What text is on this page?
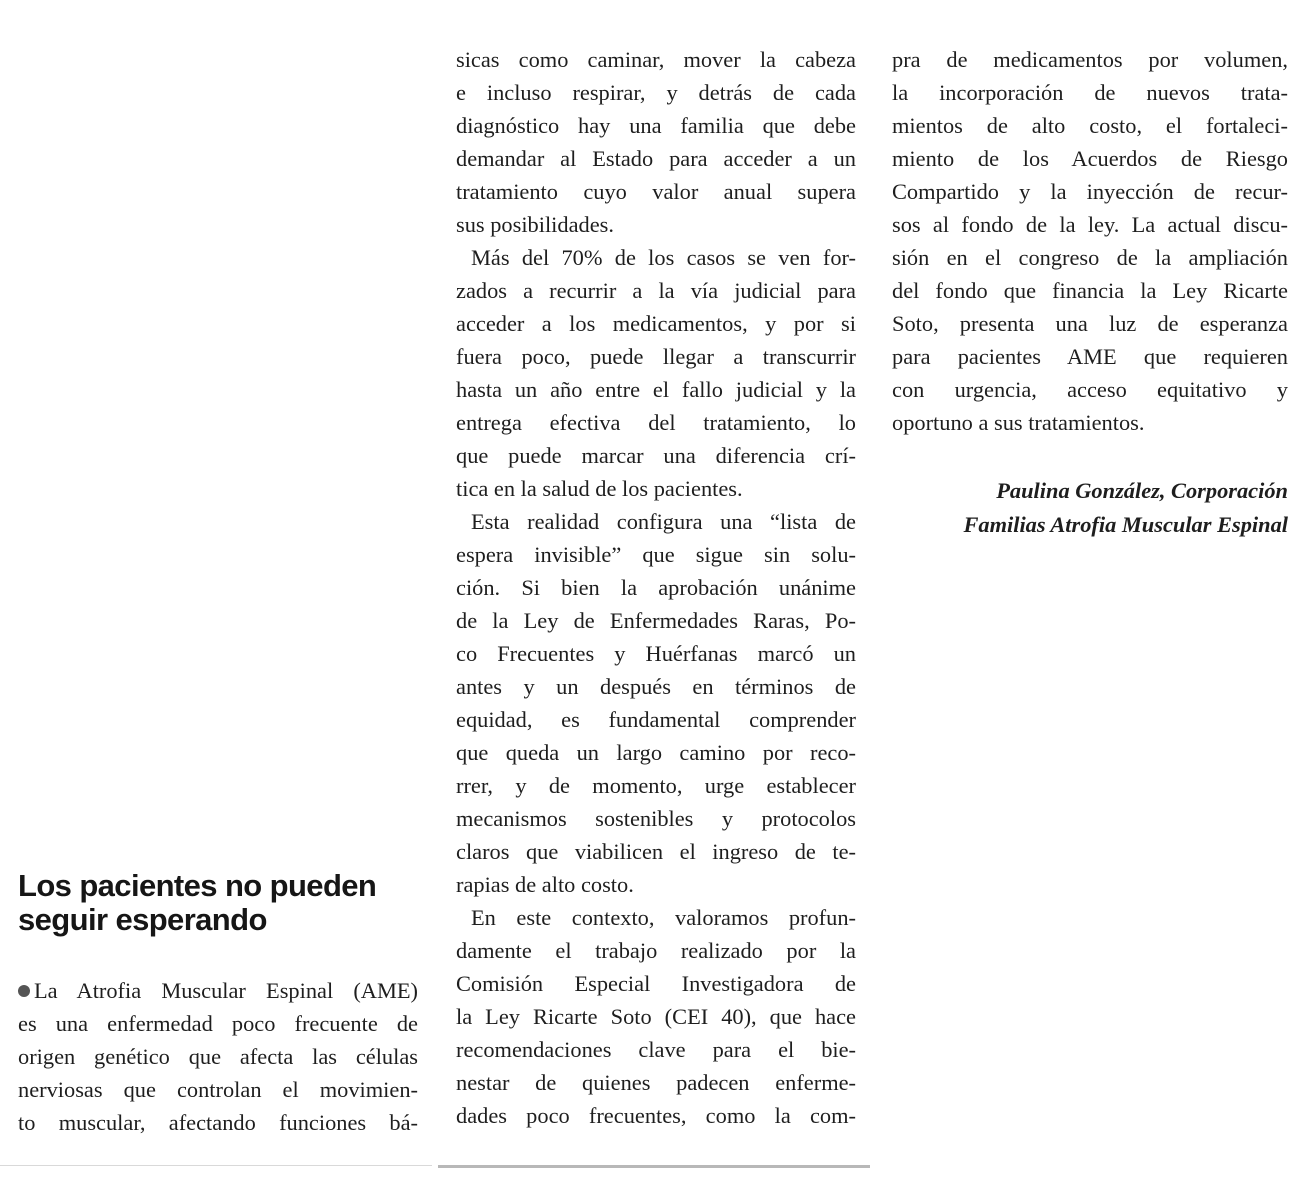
Los pacientes no pueden
seguir esperando
La Atrofia Muscular Espinal (AME)
es una enfermedad poco frecuente de
origen genético que afecta las células
nerviosas que controlan el movimien-
to muscular, afectando funciones bá-
sicas como caminar, mover la cabeza
e incluso respirar, y detrás de cada
diagnóstico hay una familia que debe
demandar al Estado para acceder a un
tratamiento cuyo valor anual supera
sus posibilidades.
Más del 70% de los casos se ven for-
zados a recurrir a la vía judicial para
acceder a los medicamentos, y por si
fuera poco, puede llegar a transcurrir
hasta un año entre el fallo judicial y la
entrega efectiva del tratamiento, lo
que puede marcar una diferencia crí-
tica en la salud de los pacientes.
Esta realidad configura una “lista de
espera invisible” que sigue sin solu-
ción. Si bien la aprobación unánime
de la Ley de Enfermedades Raras, Po-
co Frecuentes y Huérfanas marcó un
antes y un después en términos de
equidad, es fundamental comprender
que queda un largo camino por reco-
rrer, y de momento, urge establecer
mecanismos sostenibles y protocolos
claros que viabilicen el ingreso de te-
rapias de alto costo.
En este contexto, valoramos profun-
damente el trabajo realizado por la
Comisión Especial Investigadora de
la Ley Ricarte Soto (CEI 40), que hace
recomendaciones clave para el bie-
nestar de quienes padecen enferme-
dades poco frecuentes, como la com-
pra de medicamentos por volumen,
la incorporación de nuevos trata-
mientos de alto costo, el fortaleci-
miento de los Acuerdos de Riesgo
Compartido y la inyección de recur-
sos al fondo de la ley. La actual discu-
sión en el congreso de la ampliación
del fondo que financia la Ley Ricarte
Soto, presenta una luz de esperanza
para pacientes AME que requieren
con urgencia, acceso equitativo y
oportuno a sus tratamientos.

Paulina González, Corporación
Familias Atrofia Muscular Espinal
